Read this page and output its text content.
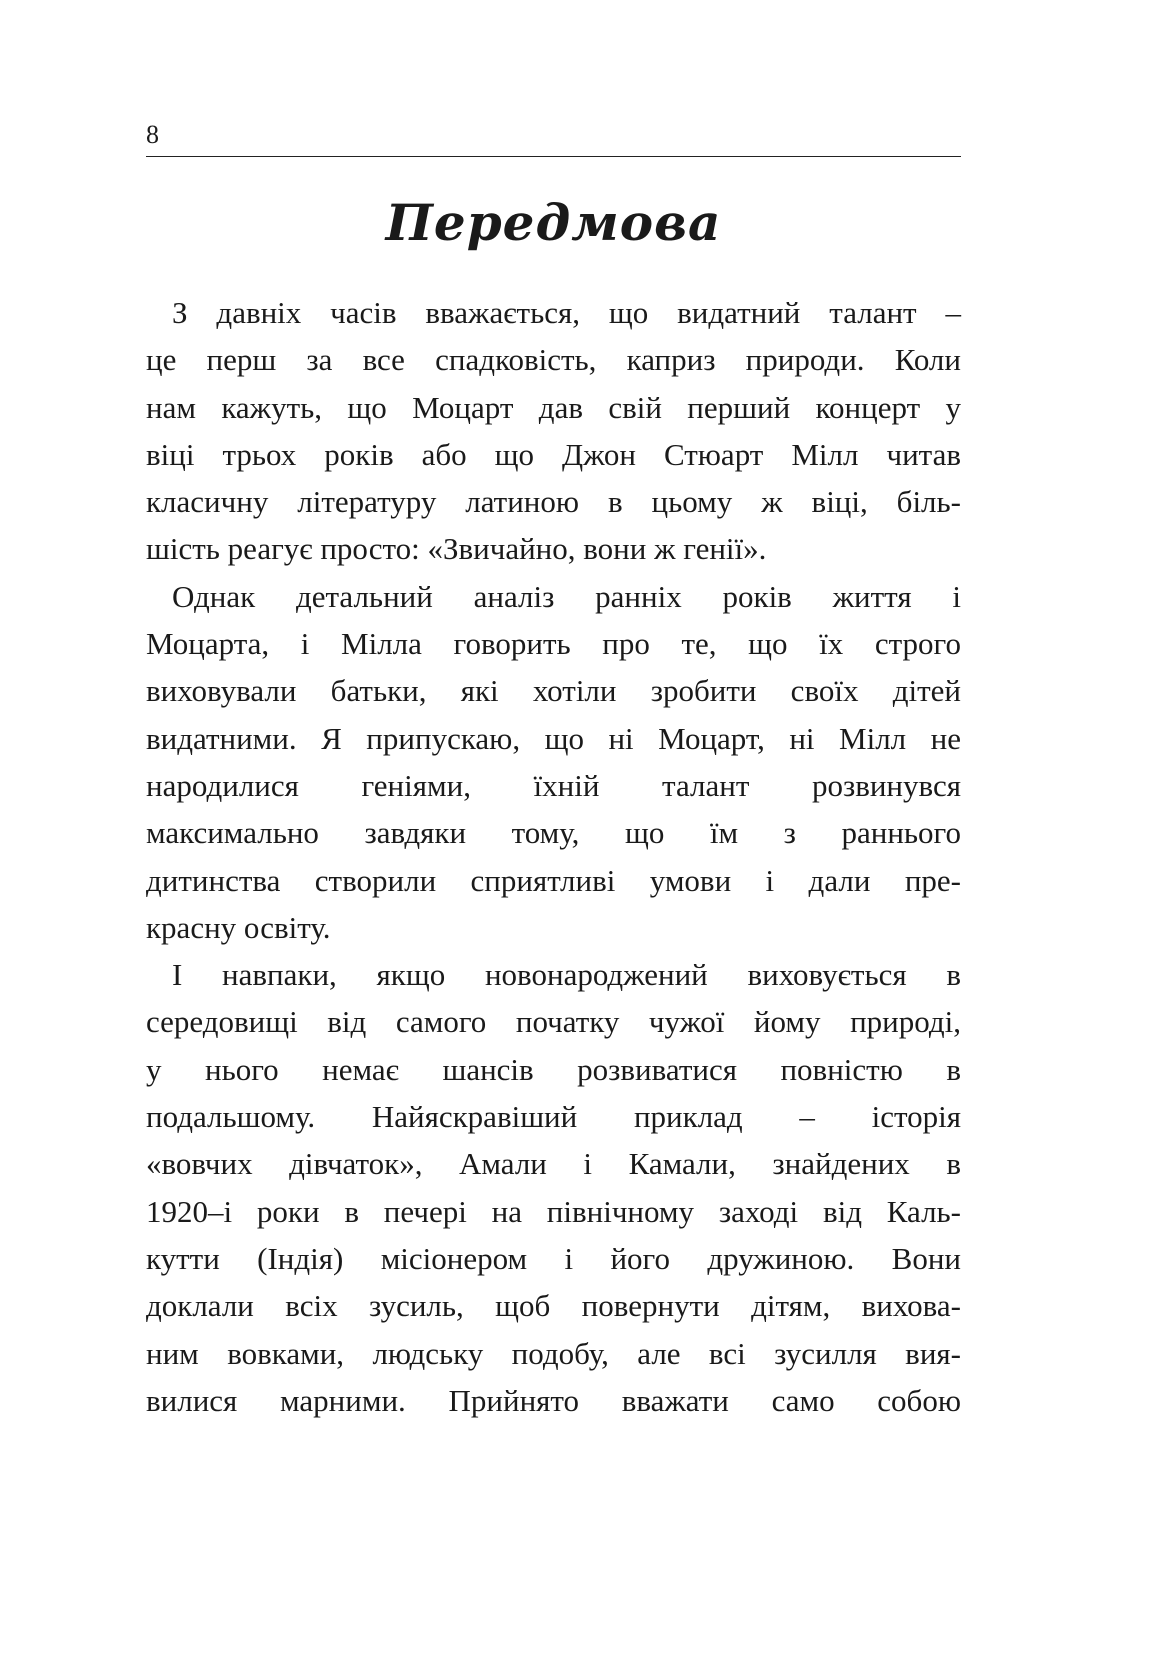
8
Передмова
З давніх часів вважається, що видатний талант –
це перш за все спадковість, каприз природи. Коли
нам кажуть, що Моцарт дав свій перший концерт у
віці трьох років або що Джон Стюарт Мілл читав
класичну літературу латиною в цьому ж віці, біль-
шість реагує просто: «Звичайно, вони ж генії».
Однак детальний аналіз ранніх років життя і
Моцарта, і Мілла говорить про те, що їх строго
виховували батьки, які хотіли зробити своїх дітей
видатними. Я припускаю, що ні Моцарт, ні Мілл не
народилися геніями, їхній талант розвинувся
максимально завдяки тому, що їм з раннього
дитинства створили сприятливі умови і дали пре-
красну освіту.
І навпаки, якщо новонароджений виховується в
середовищі від самого початку чужої йому природі,
у нього немає шансів розвиватися повністю в
подальшому. Найяскравіший приклад – історія
«вовчих дівчаток», Амали і Камали, знайдених в
1920–і роки в печері на північному заході від Каль-
кутти (Індія) місіонером і його дружиною. Вони
доклали всіх зусиль, щоб повернути дітям, вихова-
ним вовками, людську подобу, але всі зусилля вия-
вилися марними. Прийнято вважати само собою
